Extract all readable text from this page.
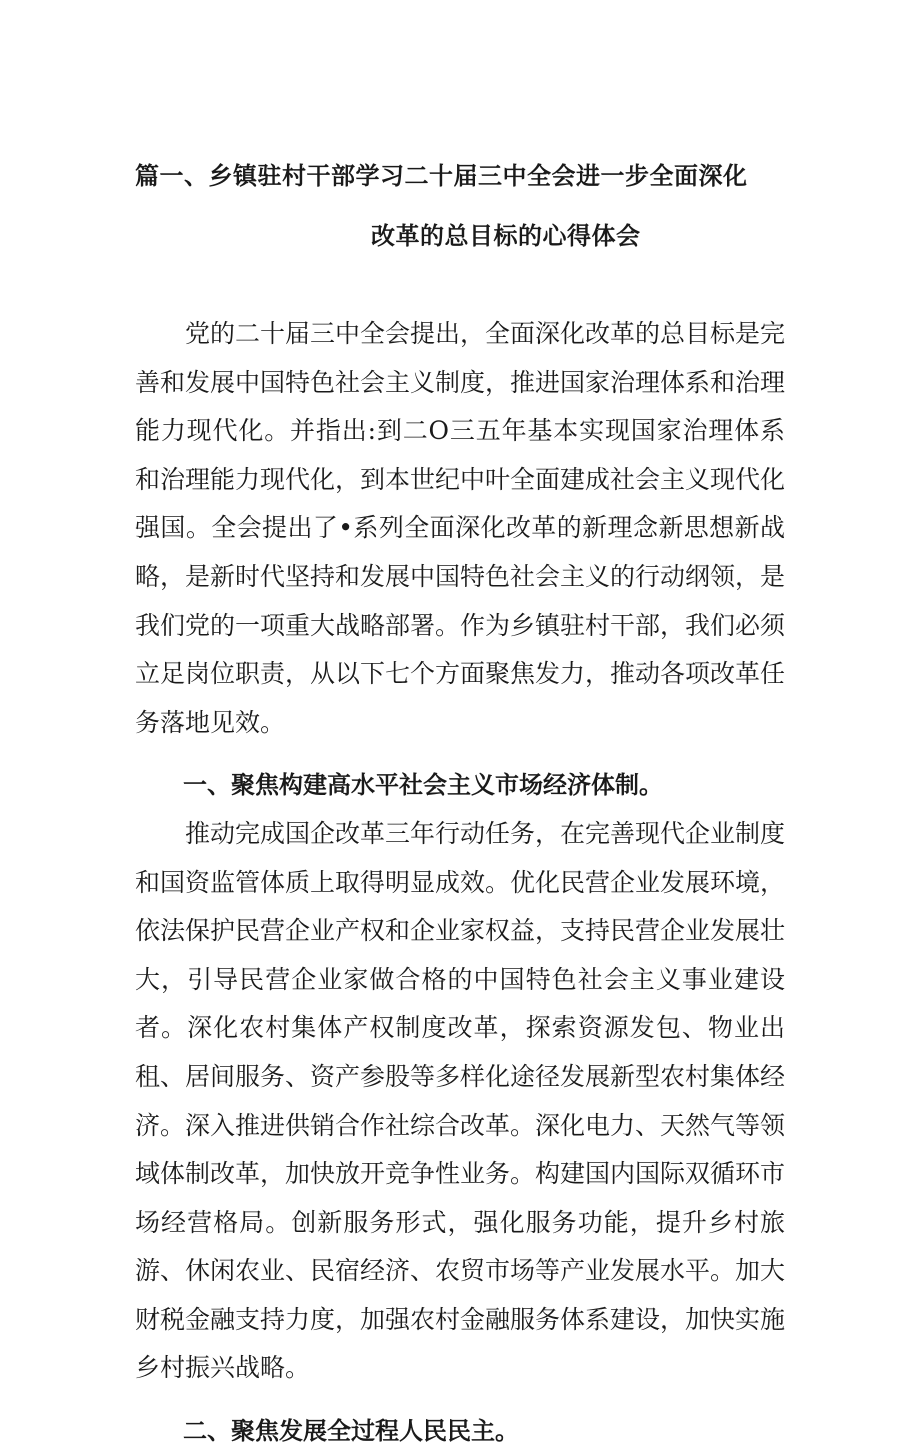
篇一、乡镇驻村干部学习二十届三中全会进一步全面深化
改革的总目标的心得体会

党的二十届三中全会提出，全面深化改革的总目标是完善和发展中国特色社会主义制度，推进国家治理体系和治理能力现代化。并指出:到二O三五年基本实现国家治理体系和治理能力现代化，到本世纪中叶全面建成社会主义现代化强国。全会提出了•系列全面深化改革的新理念新思想新战略，是新时代坚持和发展中国特色社会主义的行动纲领，是我们党的一项重大战略部署。作为乡镇驻村干部，我们必须立足岗位职责，从以下七个方面聚焦发力，推动各项改革任务落地见效。

一、聚焦构建高水平社会主义市场经济体制。

推动完成国企改革三年行动任务，在完善现代企业制度和国资监管体质上取得明显成效。优化民营企业发展环境，依法保护民营企业产权和企业家权益，支持民营企业发展壮大，引导民营企业家做合格的中国特色社会主义事业建设者。深化农村集体产权制度改革，探索资源发包、物业出租、居间服务、资产参股等多样化途径发展新型农村集体经济。深入推进供销合作社综合改革。深化电力、天然气等领域体制改革，加快放开竞争性业务。构建国内国际双循环市场经营格局。创新服务形式，强化服务功能，提升乡村旅游、休闲农业、民宿经济、农贸市场等产业发展水平。加大财税金融支持力度，加强农村金融服务体系建设，加快实施乡村振兴战略。

二、聚焦发展全过程人民民主。
